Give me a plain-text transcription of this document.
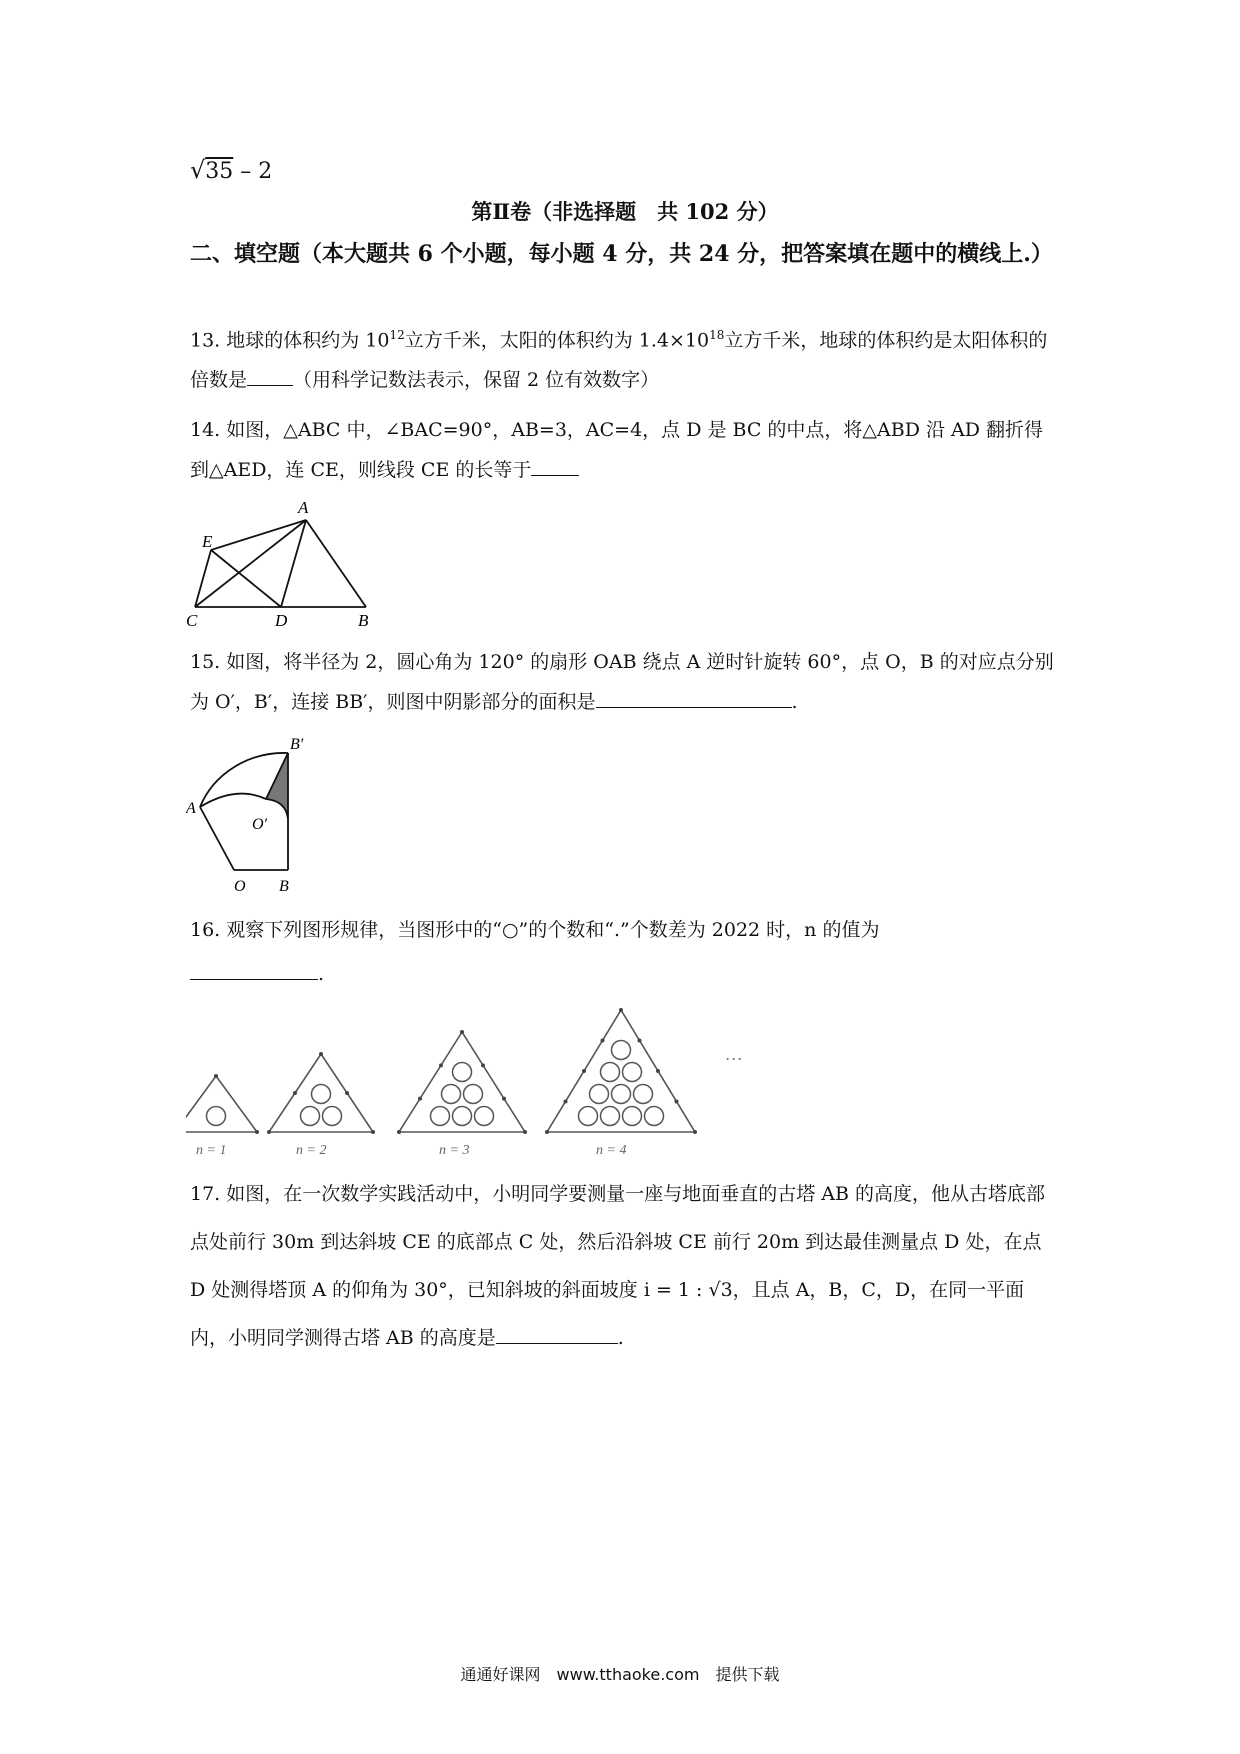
√35 – 2
第Ⅱ卷（非选择题　共 102 分）
二、填空题（本大题共 6 个小题，每小题 4 分，共 24 分，把答案填在题中的横线上.）
13. 地球的体积约为 $10^{12}$立方千米，太阳的体积约为 $1.4\times 10^{18}$立方千米，地球的体积约是太阳体积的倍数是 （用科学记数法表示，保留 2 位有效数字）
14. 如图，△ABC 中，∠BAC=90°，AB=3，AC=4，点 D 是 BC 的中点，将△ABD 沿 AD 翻折得到△AED，连 CE，则线段 CE 的长等于
A
E
C	D	B
15. 如图，将半径为 2，圆心角为 120° 的扇形 OAB 绕点 A 逆时针旋转 60°，点 O，B 的对应点分别为 O′，B′，连接 BB′，则图中阴影部分的面积是	.
B′
A
O′
O B
16. 观察下列图形规律，当图形中的“○”的个数和“.”个数差为 2022 时，n 的值为
.
n = 1	n = 2	n = 3	n = 4
…
17. 如图，在一次数学实践活动中，小明同学要测量一座与地面垂直的古塔 AB 的高度，他从古塔底部点处前行 30m 到达斜坡 CE 的底部点 C 处，然后沿斜坡 CE 前行 20m 到达最佳测量点 D 处，在点 D 处测得塔顶 A 的仰角为 30°，已知斜坡的斜面坡度 i = 1 : √3，且点 A，B，C，D，在同一平面内，小明同学测得古塔 AB 的高度是	.
通通好课网　www.tthaoke.com　提供下载
